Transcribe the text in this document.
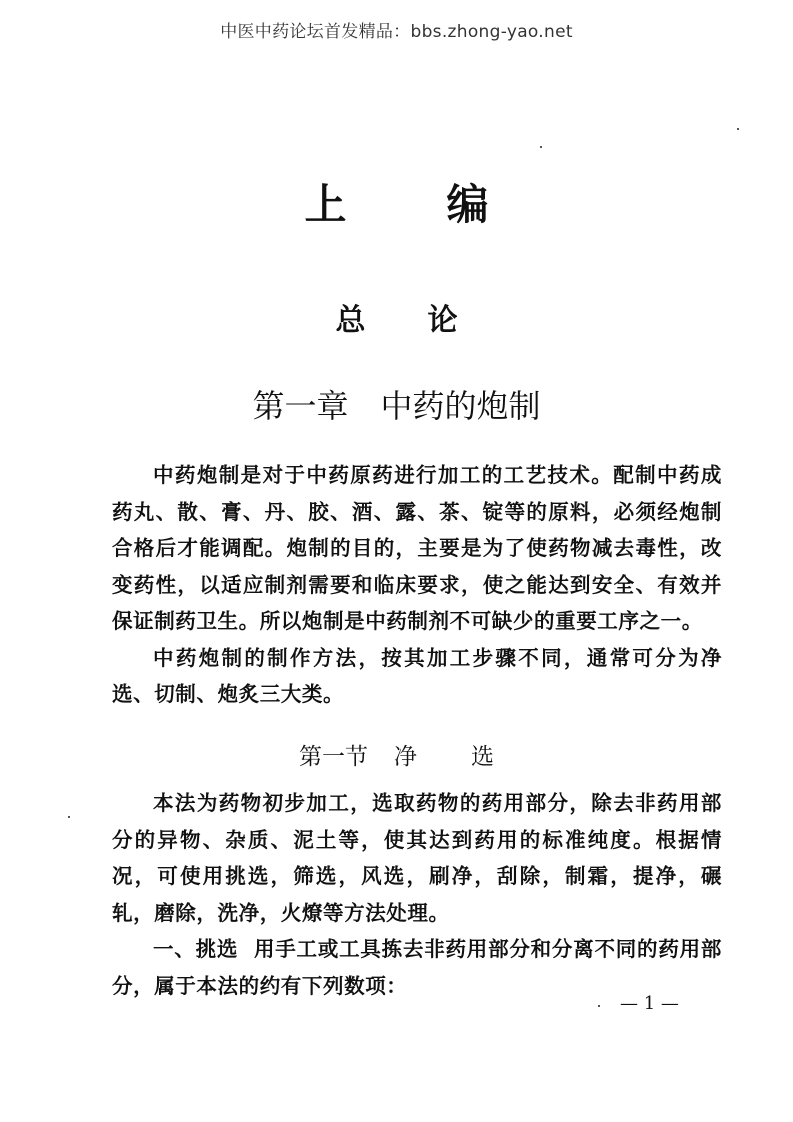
中医中药论坛首发精品：bbs.zhong-yao.net
上 编
总 论
第一章 中药的炮制

中药炮制是对于中药原药进行加工的工艺技术。配制中药成药丸、散、膏、丹、胶、酒、露、茶、锭等的原料，必须经炮制合格后才能调配。炮制的目的，主要是为了使药物减去毒性，改变药性，以适应制剂需要和临床要求，使之能达到安全、有效并保证制药卫生。所以炮制是中药制剂不可缺少的重要工序之一。

中药炮制的制作方法，按其加工步骤不同，通常可分为净选、切制、炮炙三大类。

第一节 净 选

本法为药物初步加工，选取药物的药用部分，除去非药用部分的异物、杂质、泥土等，使其达到药用的标准纯度。根据情况，可使用挑选，筛选，风选，刷净，刮除，制霜，提净，碾轧，磨除，洗净，火燎等方法处理。

一、挑选 用手工或工具拣去非药用部分和分离不同的药用部分，属于本法的约有下列数项：

— 1 —
